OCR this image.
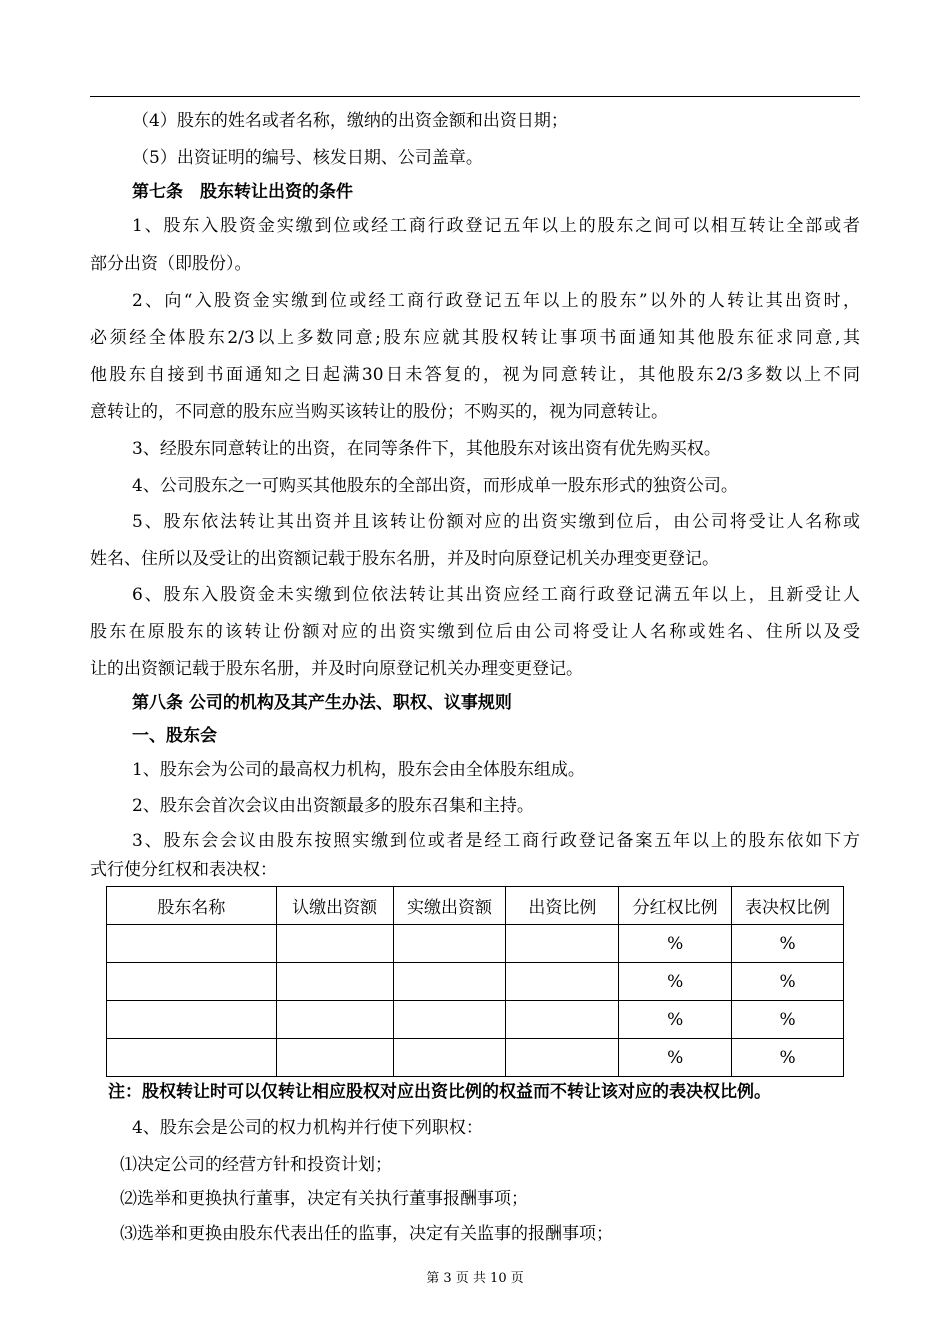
（4）股东的姓名或者名称，缴纳的出资金额和出资日期；
（5）出资证明的编号、核发日期、公司盖章。
第七条　股东转让出资的条件
1、股东入股资金实缴到位或经工商行政登记五年以上的股东之间可以相互转让全部或者
部分出资（即股份）。
2、向“入股资金实缴到位或经工商行政登记五年以上的股东”以外的人转让其出资时，
必须经全体股东2/3以上多数同意;股东应就其股权转让事项书面通知其他股东征求同意,其
他股东自接到书面通知之日起满30日未答复的，视为同意转让，其他股东2/3多数以上不同
意转让的，不同意的股东应当购买该转让的股份；不购买的，视为同意转让。
3、经股东同意转让的出资，在同等条件下，其他股东对该出资有优先购买权。
4、公司股东之一可购买其他股东的全部出资，而形成单一股东形式的独资公司。
5、股东依法转让其出资并且该转让份额对应的出资实缴到位后，由公司将受让人名称或
姓名、住所以及受让的出资额记载于股东名册，并及时向原登记机关办理变更登记。
6、股东入股资金未实缴到位依法转让其出资应经工商行政登记满五年以上，且新受让人
股东在原股东的该转让份额对应的出资实缴到位后由公司将受让人名称或姓名、住所以及受
让的出资额记载于股东名册，并及时向原登记机关办理变更登记。
第八条 公司的机构及其产生办法、职权、议事规则
一、股东会
1、股东会为公司的最高权力机构，股东会由全体股东组成。
2、股东会首次会议由出资额最多的股东召集和主持。
3、股东会会议由股东按照实缴到位或者是经工商行政登记备案五年以上的股东依如下方
式行使分红权和表决权：
股东名称	认缴出资额	实缴出资额	出资比例	分红权比例	表决权比例
				%	%
				%	%
				%	%
				%	%
注：股权转让时可以仅转让相应股权对应出资比例的权益而不转让该对应的表决权比例。
4、股东会是公司的权力机构并行使下列职权：
⑴决定公司的经营方针和投资计划；
⑵选举和更换执行董事，决定有关执行董事报酬事项；
⑶选举和更换由股东代表出任的监事，决定有关监事的报酬事项；
第 3 页 共 10 页
